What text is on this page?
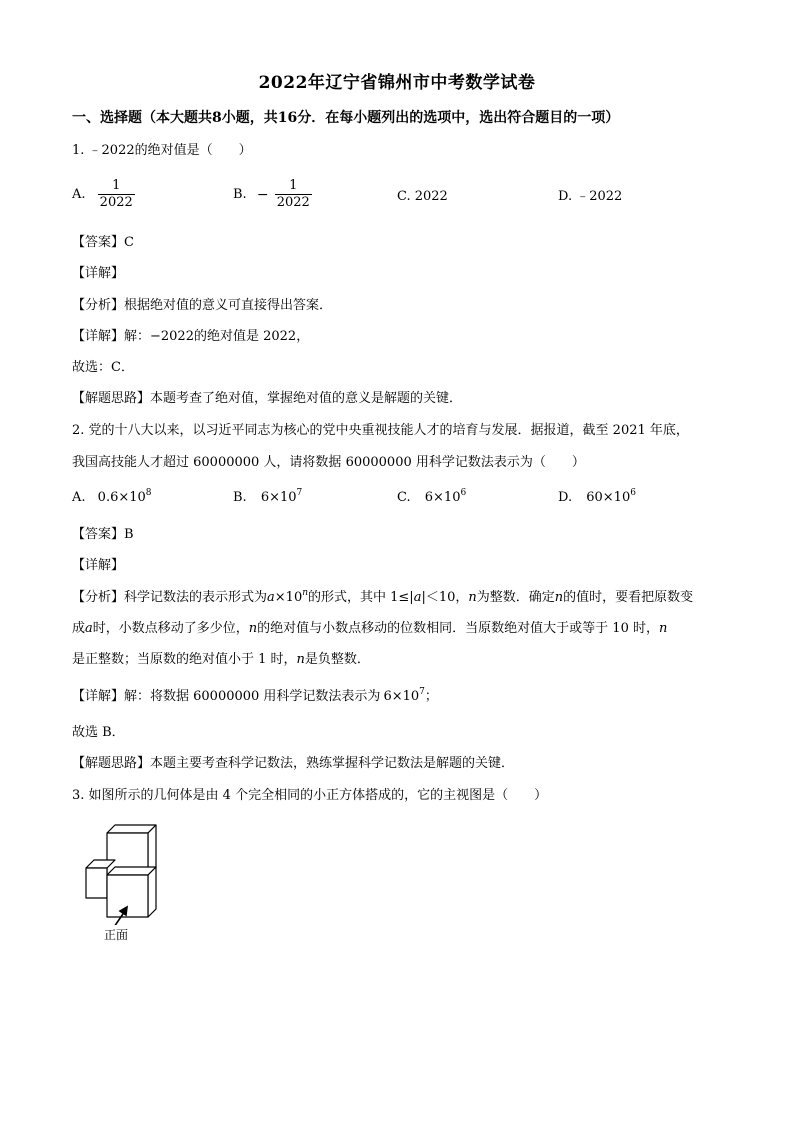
2022年辽宁省锦州市中考数学试卷
一、选择题（本大题共8小题，共16分．在每小题列出的选项中，选出符合题目的一项）
1. ﹣2022的绝对值是（　　）
A. $\frac{1}{2022}$	B. − $\frac{1}{2022}$	C. 2022	D. ﹣2022
【答案】C
【详解】
【分析】根据绝对值的意义可直接得出答案．
【详解】解：−2022的绝对值是 2022，
故选：C．
【解题思路】本题考查了绝对值，掌握绝对值的意义是解题的关键．
2. 党的十八大以来，以习近平同志为核心的党中央重视技能人才的培育与发展．据报道，截至 2021 年底，
我国高技能人才超过 60000000 人，请将数据 60000000 用科学记数法表示为（　　）
A. $0.6\times 10^8$	B. $6\times 10^7$	C. $6\times 10^6$	D. $60\times 10^6$
【答案】B
【详解】
【分析】科学记数法的表示形式为$a\times 10^n$的形式，其中 1≤|a|＜10，n为整数．确定n的值时，要看把原数变
成a时，小数点移动了多少位，n的绝对值与小数点移动的位数相同．当原数绝对值大于或等于 10 时，n
是正整数；当原数的绝对值小于 1 时，n是负整数．
【详解】解：将数据 60000000 用科学记数法表示为 $6\times 10^7$；
故选 B．
【解题思路】本题主要考查科学记数法，熟练掌握科学记数法是解题的关键．
3. 如图所示的几何体是由 4 个完全相同的小正方体搭成的，它的主视图是（　　）
正面
